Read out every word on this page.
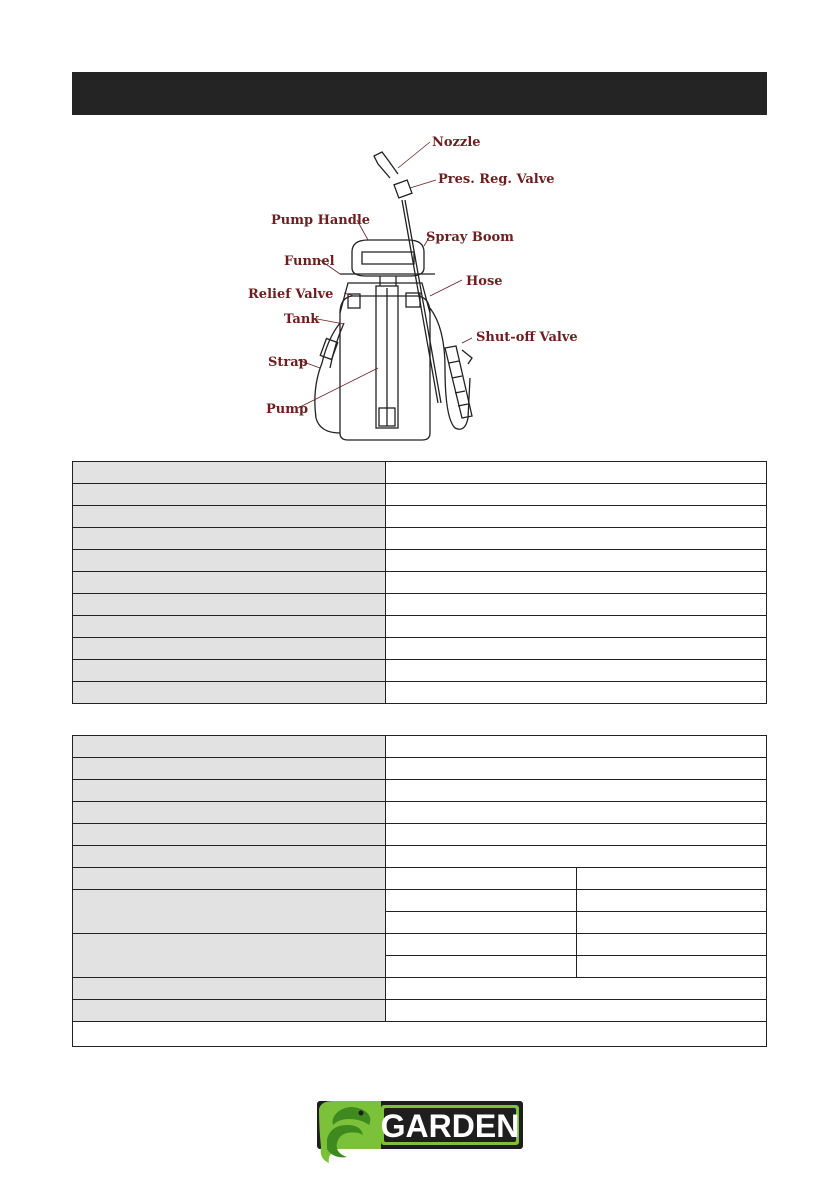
Nozzle
Pres. Reg. Valve
Pump Handle
Spray Boom
Funnel
Hose
Relief Valve
Tank
Shut-off Valve
Strap
Pump

GARDEN
